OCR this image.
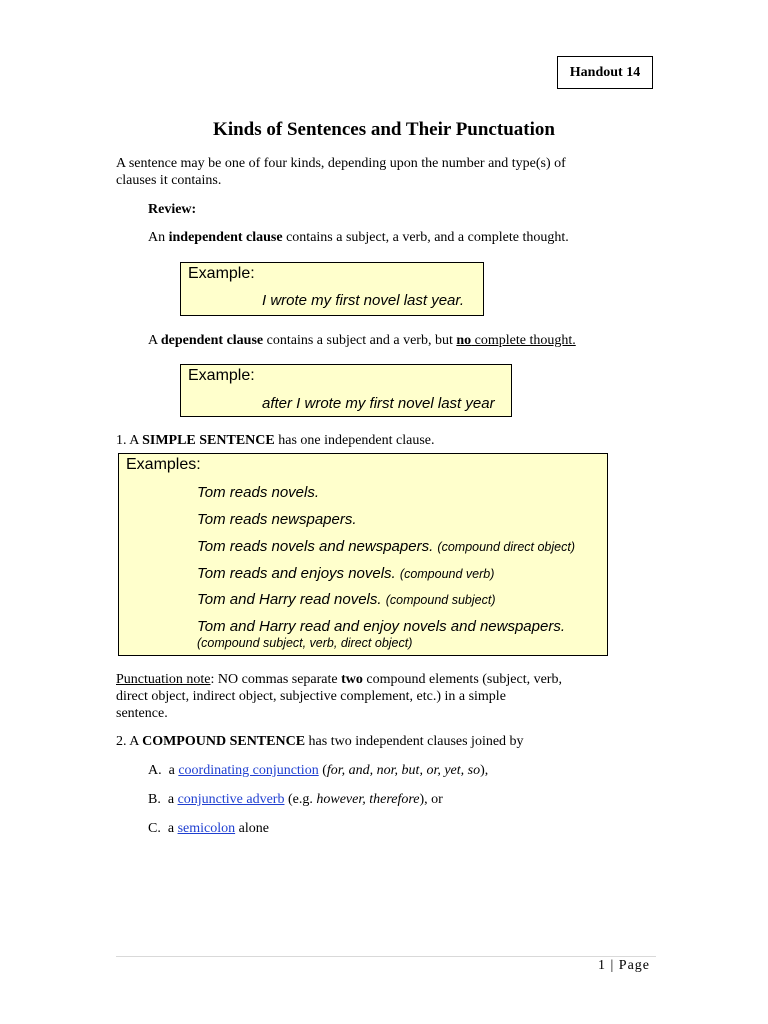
Handout 14
Kinds of Sentences and Their Punctuation
A sentence may be one of four kinds, depending upon the number and type(s) of
clauses it contains.
Review:
An independent clause contains a subject, a verb, and a complete thought.
Example:
I wrote my first novel last year.
A dependent clause contains a subject and a verb, but no complete thought.
Example:
after I wrote my first novel last year
1. A SIMPLE SENTENCE has one independent clause.
Examples:
Tom reads novels.
Tom reads newspapers.
Tom reads novels and newspapers. (compound direct object)
Tom reads and enjoys novels. (compound verb)
Tom and Harry read novels. (compound subject)
Tom and Harry read and enjoy novels and newspapers.
(compound subject, verb, direct object)
Punctuation note: NO commas separate two compound elements (subject, verb,
direct object, indirect object, subjective complement, etc.) in a simple
sentence.
2. A COMPOUND SENTENCE has two independent clauses joined by
A. a coordinating conjunction (for, and, nor, but, or, yet, so),
B. a conjunctive adverb (e.g. however, therefore), or
C. a semicolon alone
1 | Page
